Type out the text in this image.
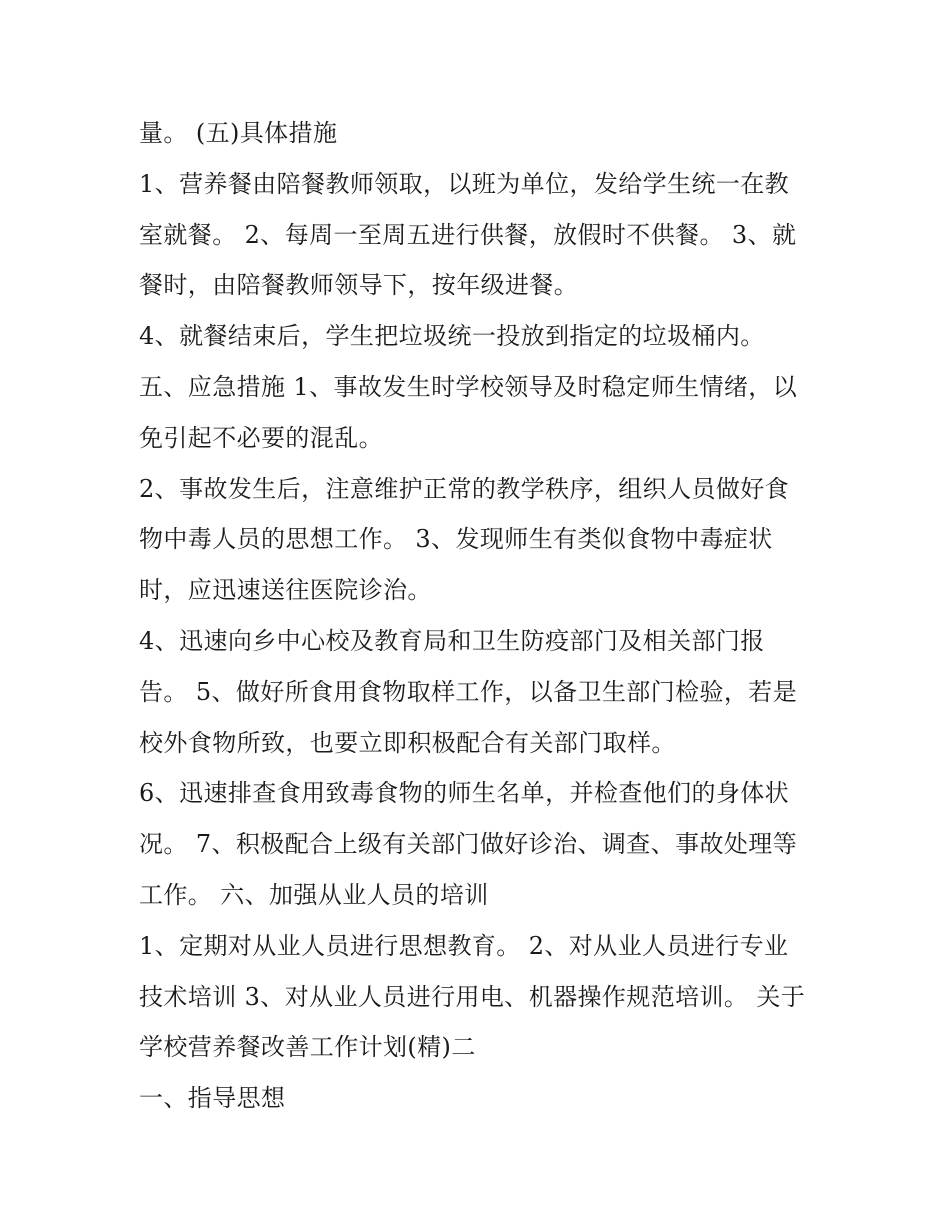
量。 (五)具体措施
1、营养餐由陪餐教师领取，以班为单位，发给学生统一在教
室就餐。 2、每周一至周五进行供餐，放假时不供餐。 3、就
餐时，由陪餐教师领导下，按年级进餐。
4、就餐结束后，学生把垃圾统一投放到指定的垃圾桶内。
五、应急措施 1、事故发生时学校领导及时稳定师生情绪，以
免引起不必要的混乱。
2、事故发生后，注意维护正常的教学秩序，组织人员做好食
物中毒人员的思想工作。 3、发现师生有类似食物中毒症状
时，应迅速送往医院诊治。
4、迅速向乡中心校及教育局和卫生防疫部门及相关部门报
告。 5、做好所食用食物取样工作，以备卫生部门检验，若是
校外食物所致，也要立即积极配合有关部门取样。
6、迅速排查食用致毒食物的师生名单，并检查他们的身体状
况。 7、积极配合上级有关部门做好诊治、调查、事故处理等
工作。 六、加强从业人员的培训
1、定期对从业人员进行思想教育。 2、对从业人员进行专业
技术培训 3、对从业人员进行用电、机器操作规范培训。 关于
学校营养餐改善工作计划(精)二
一、指导思想
